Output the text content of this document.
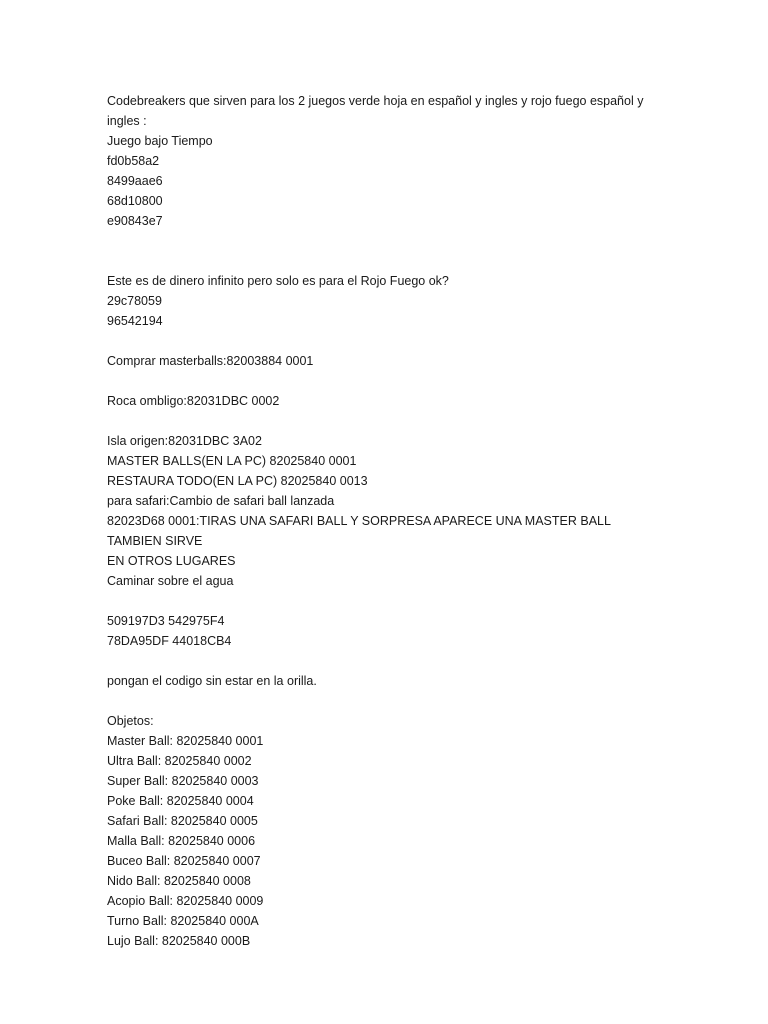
Codebreakers que sirven para los 2 juegos verde hoja en español y ingles y rojo fuego español y
ingles :
Juego bajo Tiempo
fd0b58a2
8499aae6
68d10800
e90843e7
Este es de dinero infinito pero solo es para el Rojo Fuego ok?
29c78059
96542194
Comprar masterballs:82003884 0001
Roca ombligo:82031DBC 0002
Isla origen:82031DBC 3A02
MASTER BALLS(EN LA PC) 82025840 0001
RESTAURA TODO(EN LA PC) 82025840 0013
para safari:Cambio de safari ball lanzada
82023D68 0001:TIRAS UNA SAFARI BALL Y SORPRESA APARECE UNA MASTER BALL TAMBIEN SIRVE
EN OTROS LUGARES
Caminar sobre el agua
509197D3 542975F4
78DA95DF 44018CB4
pongan el codigo sin estar en la orilla.
Objetos:
Master Ball: 82025840 0001
Ultra Ball: 82025840 0002
Super Ball: 82025840 0003
Poke Ball: 82025840 0004
Safari Ball: 82025840 0005
Malla Ball: 82025840 0006
Buceo Ball: 82025840 0007
Nido Ball: 82025840 0008
Acopio Ball: 82025840 0009
Turno Ball: 82025840 000A
Lujo Ball: 82025840 000B
